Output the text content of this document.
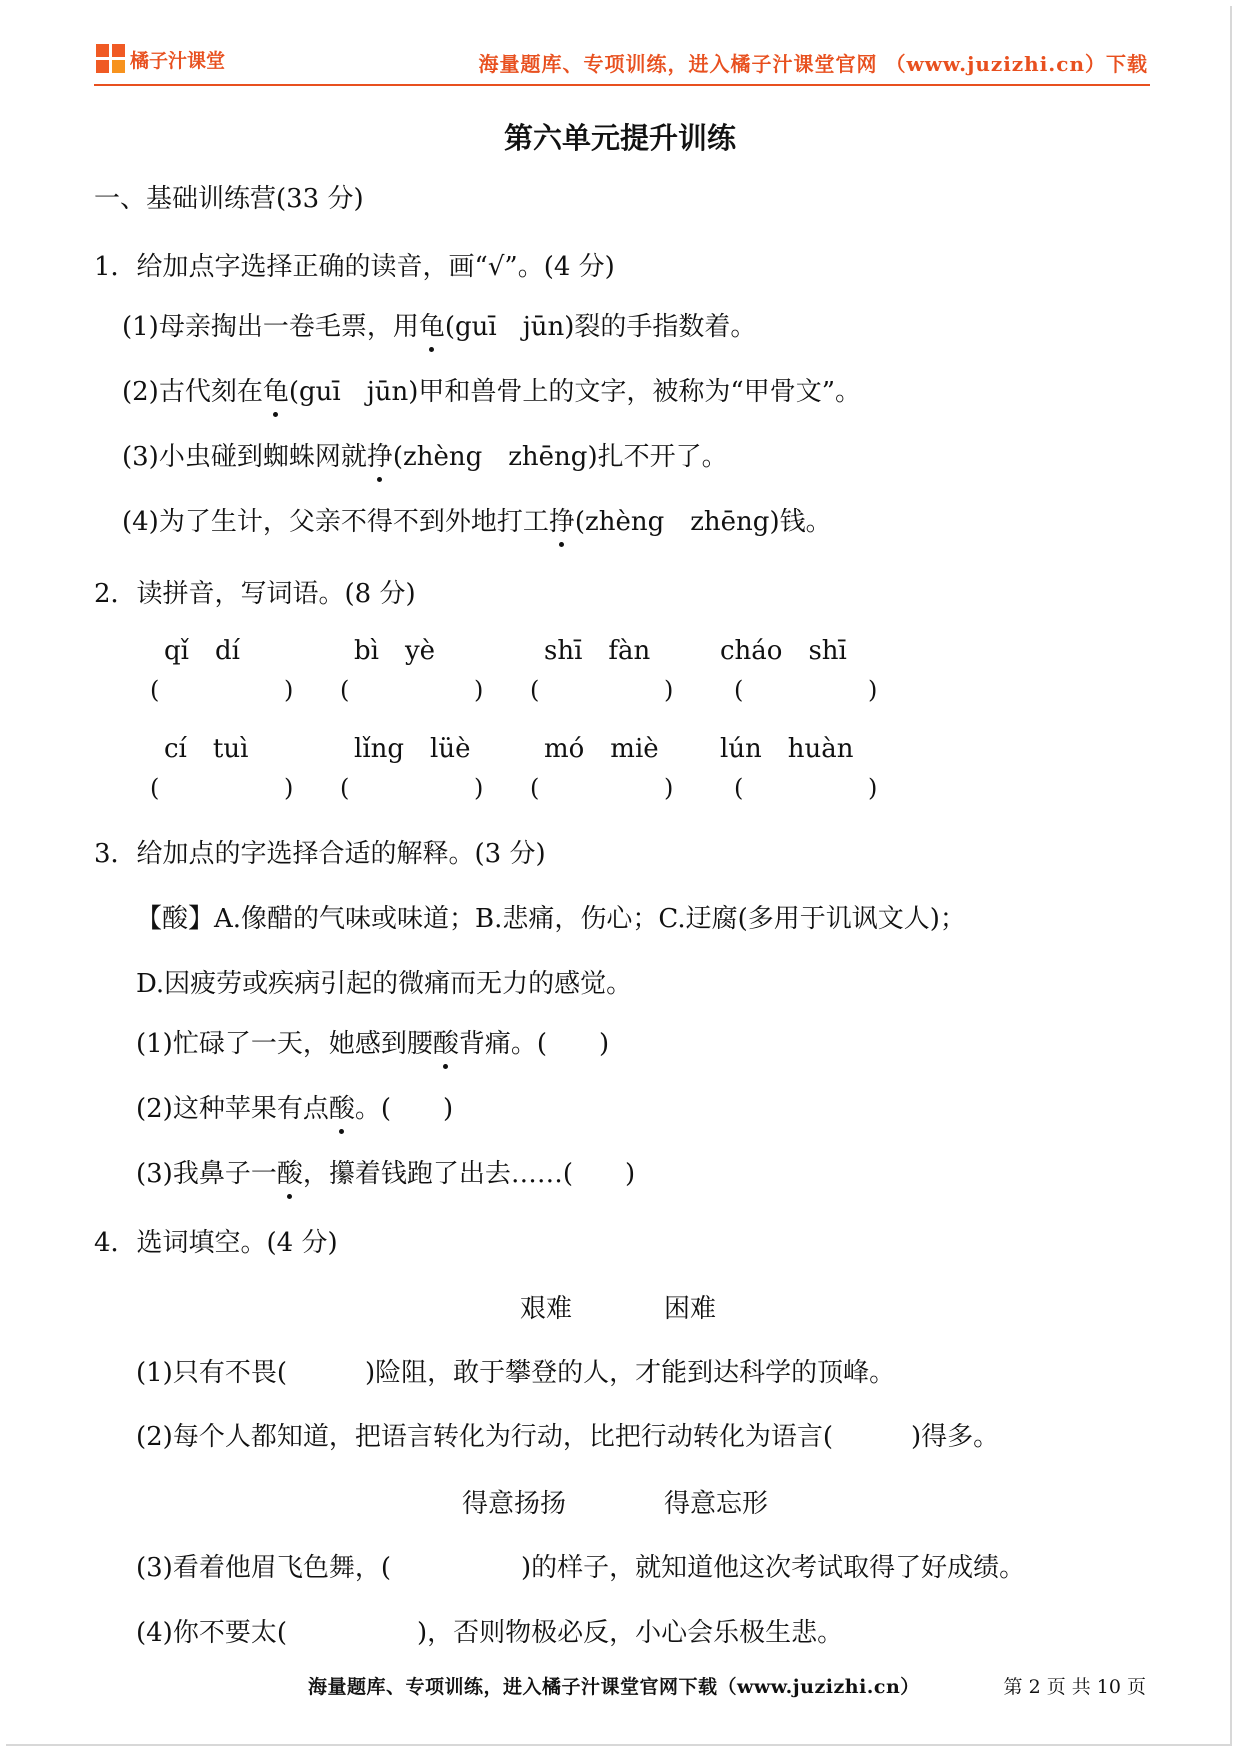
橘子汁课堂	海量题库、专项训练，进入橘子汁课堂官网 （www.juzizhi.cn）下载
第六单元提升训练
一、基础训练营(33 分)
1．给加点字选择正确的读音，画“√”。(4 分)
(1)母亲掏出一卷毛票，用龟(guī　jūn)裂的手指数着。
(2)古代刻在龟(guī　jūn)甲和兽骨上的文字，被称为“甲骨文”。
(3)小虫碰到蜘蛛网就挣(zhèng　zhēng)扎不开了。
(4)为了生计，父亲不得不到外地打工挣(zhèng　zhēng)钱。
2．读拼音，写词语。(8 分)
qǐ　dí	bì　yè	shī　fàn	cháo　shī
(	) (	) (	)	(	)
cí　tuì	lǐng　lüè	mó　miè lún　huàn
(	) (	) (	)	(	)
3．给加点的字选择合适的解释。(3 分)
【酸】A.像醋的气味或味道；B.悲痛，伤心；C.迂腐(多用于讥讽文人)；
D.因疲劳或疾病引起的微痛而无力的感觉。
(1)忙碌了一天，她感到腰酸背痛。(　　)
(2)这种苹果有点酸。(　　)
(3)我鼻子一酸，攥着钱跑了出去……(　　)
4．选词填空。(4 分)
艰难	困难
(1)只有不畏(　　　)险阻，敢于攀登的人，才能到达科学的顶峰。
(2)每个人都知道，把语言转化为行动，比把行动转化为语言(　　　)得多。
得意扬扬	得意忘形
(3)看着他眉飞色舞，(　　　　　)的样子，就知道他这次考试取得了好成绩。
(4)你不要太(　　　　　)，否则物极必反，小心会乐极生悲。
海量题库、专项训练，进入橘子汁课堂官网下载（www.juzizhi.cn）	第 2 页 共 10 页
